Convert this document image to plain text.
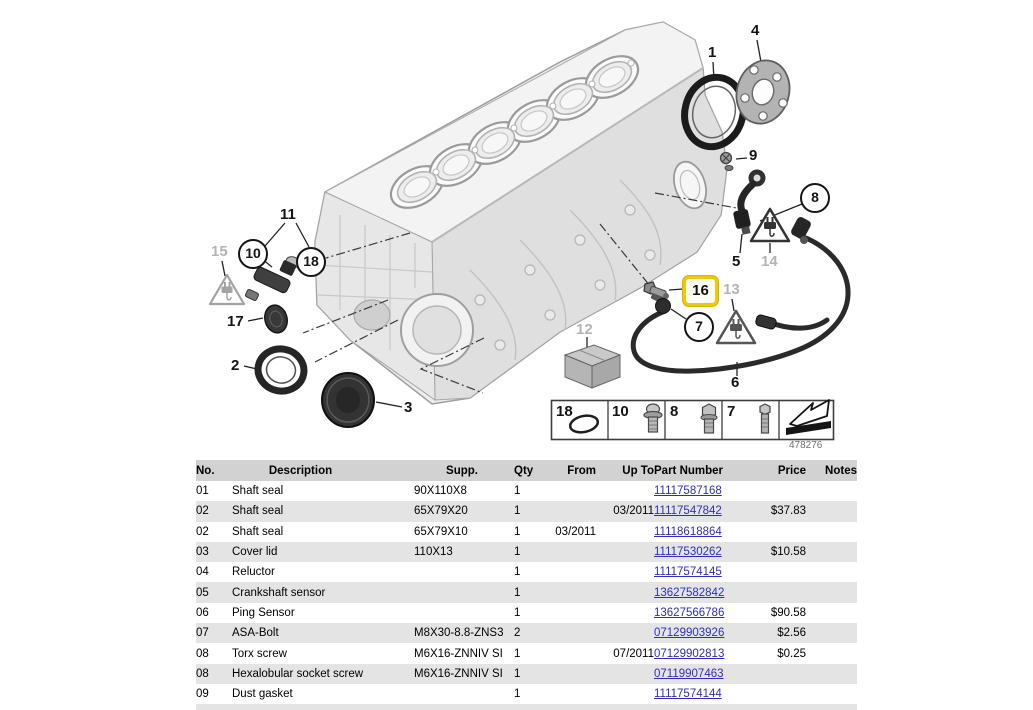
1
4
9
5
6
11
17
2
3
15
14
13
12
10	18
8
7
16
18	10	8	7
478276
No.	Description	Supp.	Qty	From	Up To	Part Number	Price	Notes
01	Shaft seal	90X110X8	1			11117587168		
02	Shaft seal	65X79X20	1		03/2011	11117547842	$37.83	
02	Shaft seal	65X79X10	1	03/2011		11118618864		
03	Cover lid	110X13	1			11117530262	$10.58	
04	Reluctor		1			11117574145		
05	Crankshaft sensor		1			13627582842		
06	Ping Sensor		1			13627566786	$90.58	
07	ASA-Bolt	M8X30-8.8-ZNS3	2			07129903926	$2.56	
08	Torx screw	M6X16-ZNNIV SI	1		07/2011	07129902813	$0.25	
08	Hexalobular socket screw	M6X16-ZNNIV SI	1			07119907463		
09	Dust gasket		1			11117574144		
